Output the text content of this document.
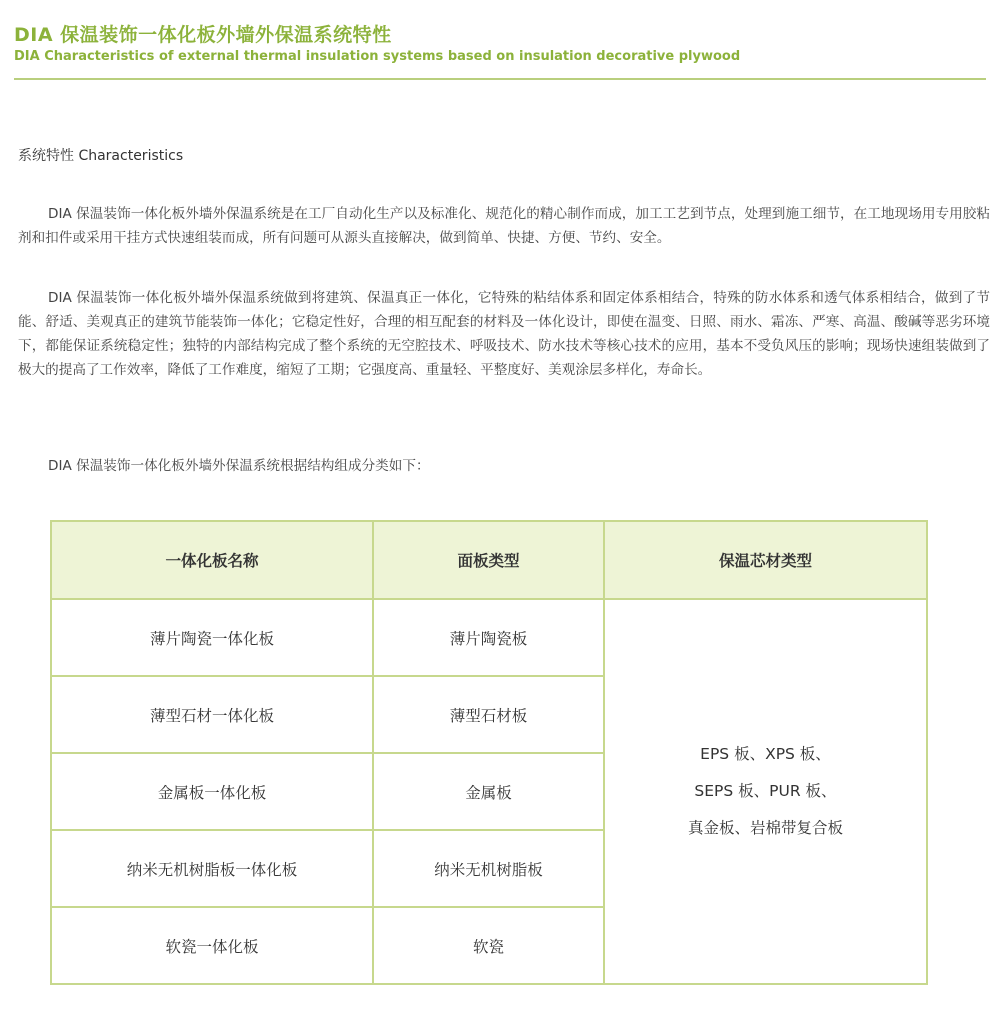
DIA 保温装饰一体化板外墙外保温系统特性
DIA Characteristics of external thermal insulation systems based on insulation decorative plywood
系统特性 Characteristics

DIA 保温装饰一体化板外墙外保温系统是在工厂自动化生产以及标准化、规范化的精心制作而成，加工工艺到节点，处理到施工细节，在工地现场用专用胶粘剂和扣件或采用干挂方式快速组装而成，所有问题可从源头直接解决，做到简单、快捷、方便、节约、安全。

DIA 保温装饰一体化板外墙外保温系统做到将建筑、保温真正一体化，它特殊的粘结体系和固定体系相结合，特殊的防水体系和透气体系相结合，做到了节能、舒适、美观真正的建筑节能装饰一体化；它稳定性好，合理的相互配套的材料及一体化设计，即使在温变、日照、雨水、霜冻、严寒、高温、酸碱等恶劣环境下，都能保证系统稳定性；独特的内部结构完成了整个系统的无空腔技术、呼吸技术、防水技术等核心技术的应用，基本不受负风压的影响；现场快速组装做到了极大的提高了工作效率，降低了工作难度，缩短了工期；它强度高、重量轻、平整度好、美观涂层多样化，寿命长。

DIA 保温装饰一体化板外墙外保温系统根据结构组成分类如下：

一体化板名称	面板类型	保温芯材类型
薄片陶瓷一体化板	薄片陶瓷板	EPS 板、XPS 板、
SEPS 板、PUR 板、
真金板、岩棉带复合板

薄型石材一体化板	薄型石材板	
金属板一体化板	金属板	
纳米无机树脂板一体化板	纳米无机树脂板	
软瓷一体化板	软瓷	
